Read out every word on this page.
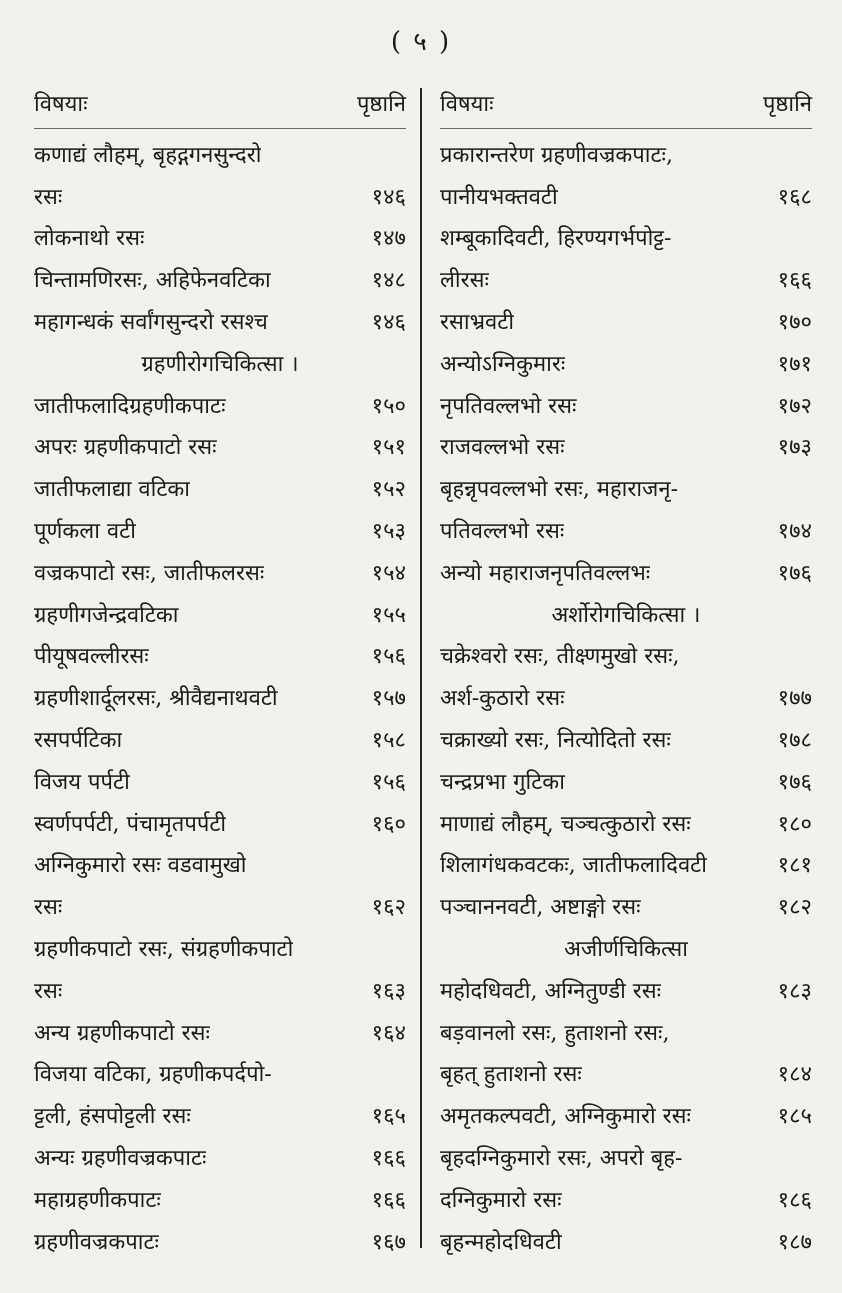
( ५ )
विषयाः	पृष्ठानि
कणाद्यं लौहम्, बृहद्गगनसुन्दरो
रसः	१४६
लोकनाथो रसः	१४७
चिन्तामणिरसः, अहिफेनवटिका	१४८
महागन्धकं सर्वांगसुन्दरो रसश्च	१४६
ग्रहणीरोगचिकित्सा ।
जातीफलादिग्रहणीकपाटः	१५०
अपरः ग्रहणीकपाटो रसः	१५१
जातीफलाद्या वटिका	१५२
पूर्णकला वटी	१५३
वज्रकपाटो रसः, जातीफलरसः	१५४
ग्रहणीगजेन्द्रवटिका	१५५
पीयूषवल्लीरसः	१५६
ग्रहणीशार्दूलरसः, श्रीवैद्यनाथवटी	१५७
रसपर्पटिका	१५८
विजय पर्पटी	१५६
स्वर्णपर्पटी, पंचामृतपर्पटी	१६०
अग्निकुमारो रसः वडवामुखो
रसः	१६२
ग्रहणीकपाटो रसः, संग्रहणीकपाटो
रसः	१६३
अन्य ग्रहणीकपाटो रसः	१६४
विजया वटिका, ग्रहणीकपर्दपो-
ट्टली, हंसपोट्टली रसः	१६५
अन्यः ग्रहणीवज्रकपाटः	१६६
महाग्रहणीकपाटः	१६६
ग्रहणीवज्रकपाटः	१६७
विषयाः	पृष्ठानि
प्रकारान्तरेण ग्रहणीवज्रकपाटः,
पानीयभक्तवटी	१६८
शम्बूकादिवटी, हिरण्यगर्भपोट्ट-
लीरसः	१६६
रसाभ्रवटी	१७०
अन्योऽग्निकुमारः	१७१
नृपतिवल्लभो रसः	१७२
राजवल्लभो रसः	१७३
बृहन्नृपवल्लभो रसः, महाराजनृ-
पतिवल्लभो रसः	१७४
अन्यो महाराजनृपतिवल्लभः	१७६
अर्शोरोगचिकित्सा ।
चक्रेश्वरो रसः, तीक्ष्णमुखो रसः,
अर्श-कुठारो रसः	१७७
चक्राख्यो रसः, नित्योदितो रसः	१७८
चन्द्रप्रभा गुटिका	१७६
माणाद्यं लौहम्, चञ्चत्कुठारो रसः	१८०
शिलागंधकवटकः, जातीफलादिवटी	१८१
पञ्चाननवटी, अष्टाङ्गो रसः	१८२
अजीर्णचिकित्सा
महोदधिवटी, अग्नितुण्डी रसः	१८३
बड़वानलो रसः, हुताशनो रसः,
बृहत् हुताशनो रसः	१८४
अमृतकल्पवटी, अग्निकुमारो रसः	१८५
बृहदग्निकुमारो रसः, अपरो बृह-
दग्निकुमारो रसः	१८६
बृहन्महोदधिवटी	१८७
